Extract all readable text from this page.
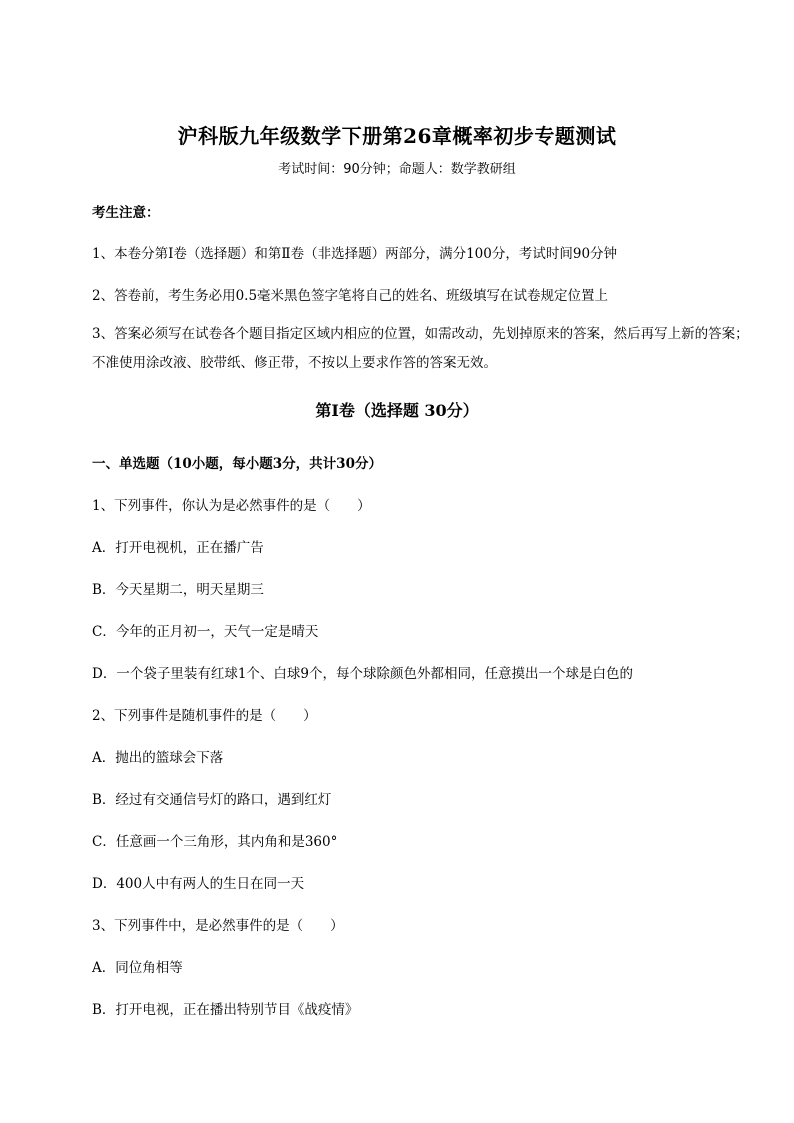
沪科版九年级数学下册第26章概率初步专题测试
考试时间：90分钟；命题人：数学教研组
考生注意：
1、本卷分第I卷（选择题）和第Ⅱ卷（非选择题）两部分，满分100分，考试时间90分钟
2、答卷前，考生务必用0.5毫米黑色签字笔将自己的姓名、班级填写在试卷规定位置上
3、答案必须写在试卷各个题目指定区域内相应的位置，如需改动，先划掉原来的答案，然后再写上新的答案；不准使用涂改液、胶带纸、修正带，不按以上要求作答的答案无效。
第I卷（选择题 30分）
一、单选题（10小题，每小题3分，共计30分）
1、下列事件，你认为是必然事件的是（　　）
A．打开电视机，正在播广告
B．今天星期二，明天星期三
C．今年的正月初一，天气一定是晴天
D．一个袋子里装有红球1个、白球9个，每个球除颜色外都相同，任意摸出一个球是白色的
2、下列事件是随机事件的是（　　）
A．抛出的篮球会下落
B．经过有交通信号灯的路口，遇到红灯
C．任意画一个三角形，其内角和是360°
D．400人中有两人的生日在同一天
3、下列事件中，是必然事件的是（　　）
A．同位角相等
B．打开电视，正在播出特别节目《战疫情》
